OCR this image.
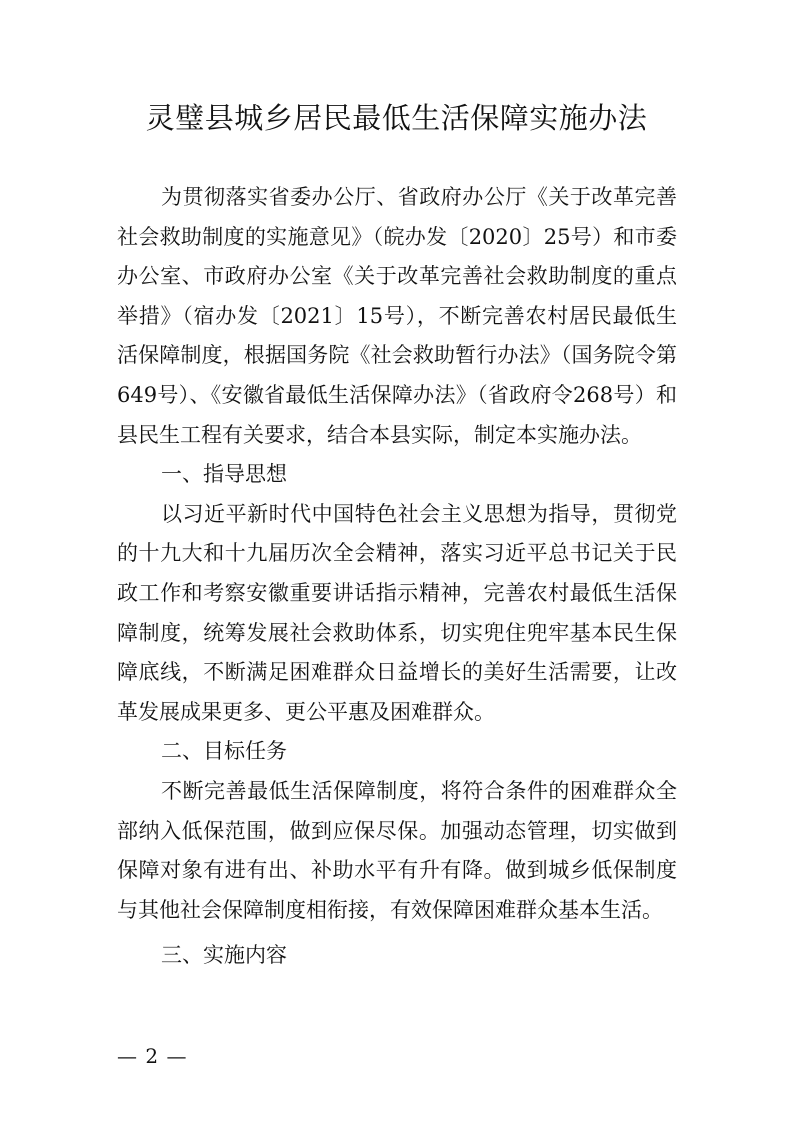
灵璧县城乡居民最低生活保障实施办法

为贯彻落实省委办公厅、省政府办公厅《关于改革完善社会救助制度的实施意见》（皖办发〔2020〕25号）和市委办公室、市政府办公室《关于改革完善社会救助制度的重点举措》（宿办发〔2021〕15号），不断完善农村居民最低生活保障制度，根据国务院《社会救助暂行办法》（国务院令第649号）、《安徽省最低生活保障办法》（省政府令268号）和县民生工程有关要求，结合本县实际，制定本实施办法。

一、指导思想

以习近平新时代中国特色社会主义思想为指导，贯彻党的十九大和十九届历次全会精神，落实习近平总书记关于民政工作和考察安徽重要讲话指示精神，完善农村最低生活保障制度，统筹发展社会救助体系，切实兜住兜牢基本民生保障底线，不断满足困难群众日益增长的美好生活需要，让改革发展成果更多、更公平惠及困难群众。

二、目标任务

不断完善最低生活保障制度，将符合条件的困难群众全部纳入低保范围，做到应保尽保。加强动态管理，切实做到保障对象有进有出、补助水平有升有降。做到城乡低保制度与其他社会保障制度相衔接，有效保障困难群众基本生活。

三、实施内容

— 2 —
